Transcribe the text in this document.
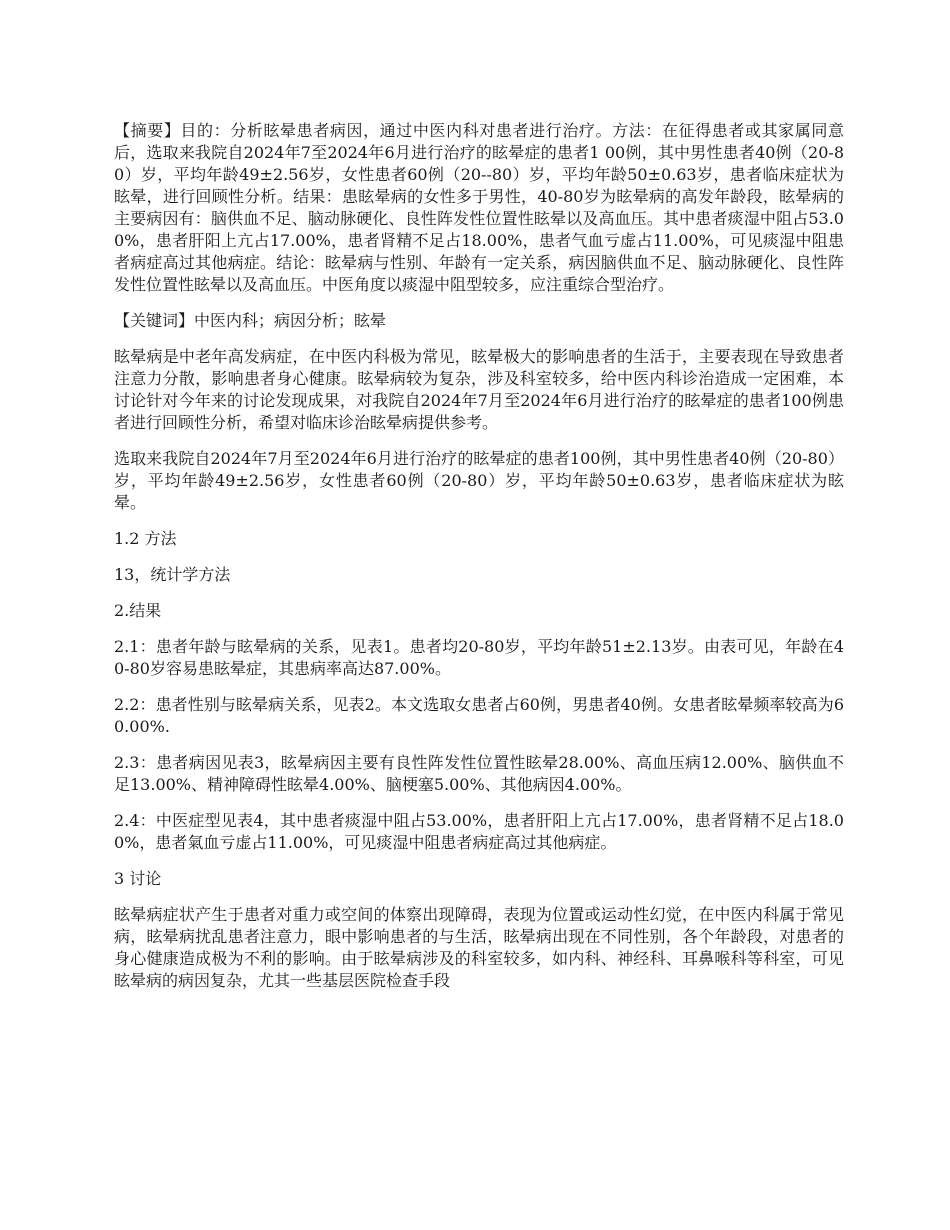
【摘要】目的：分析眩晕患者病因，通过中医内科对患者进行治疗。方法：在征得患者或其家属同意后，选取来我院自2024年7至2024年6月进行治疗的眩晕症的患者1 00例，其中男性患者40例（20-80）岁，平均年龄49±2.56岁，女性患者60例（20--80）岁，平均年龄50±0.63岁，患者临床症状为眩晕，进行回顾性分析。结果：患眩晕病的女性多于男性，40-80岁为眩晕病的高发年龄段，眩晕病的主要病因有：脑供血不足、脑动脉硬化、良性阵发性位置性眩晕以及高血压。其中患者痰湿中阻占53.00%，患者肝阳上亢占17.00%，患者肾精不足占18.00%，患者气血亏虚占11.00%，可见痰湿中阻患者病症高过其他病症。结论：眩晕病与性别、年龄有一定关系，病因脑供血不足、脑动脉硬化、良性阵发性位置性眩晕以及高血压。中医角度以痰湿中阻型较多，应注重综合型治疗。

【关键词】中医内科；病因分析；眩晕

眩晕病是中老年高发病症，在中医内科极为常见，眩晕极大的影响患者的生活于，主要表现在导致患者注意力分散，影响患者身心健康。眩晕病较为复杂，涉及科室较多，给中医内科诊治造成一定困难，本讨论针对今年来的讨论发现成果，对我院自2024年7月至2024年6月进行治疗的眩晕症的患者100例患者进行回顾性分析，希望对临床诊治眩晕病提供参考。

选取来我院自2024年7月至2024年6月进行治疗的眩晕症的患者100例，其中男性患者40例（20-80）岁，平均年龄49±2.56岁，女性患者60例（20-80）岁，平均年龄50±0.63岁，患者临床症状为眩晕。

1.2 方法

13，统计学方法

2.结果

2.1：患者年龄与眩晕病的关系，见表1。患者均20-80岁，平均年龄51±2.13岁。由表可见，年龄在40-80岁容易患眩晕症，其患病率高达87.00%。

2.2：患者性别与眩晕病关系，见表2。本文选取女患者占60例，男患者40例。女患者眩晕频率较高为60.00%.

2.3：患者病因见表3，眩晕病因主要有良性阵发性位置性眩晕28.00%、高血压病12.00%、脑供血不足13.00%、精神障碍性眩晕4.00%、脑梗塞5.00%、其他病因4.00%。

2.4：中医症型见表4，其中患者痰湿中阻占53.00%，患者肝阳上亢占17.00%，患者肾精不足占18.00%，患者氣血亏虚占11.00%，可见痰湿中阻患者病症高过其他病症。

3 讨论

眩晕病症状产生于患者对重力或空间的体察出现障碍，表现为位置或运动性幻觉，在中医内科属于常见病，眩晕病扰乱患者注意力，眼中影响患者的与生活，眩晕病出现在不同性别，各个年龄段，对患者的身心健康造成极为不利的影响。由于眩晕病涉及的科室较多，如内科、神经科、耳鼻喉科等科室，可见眩晕病的病因复杂，尤其一些基层医院检查手段
